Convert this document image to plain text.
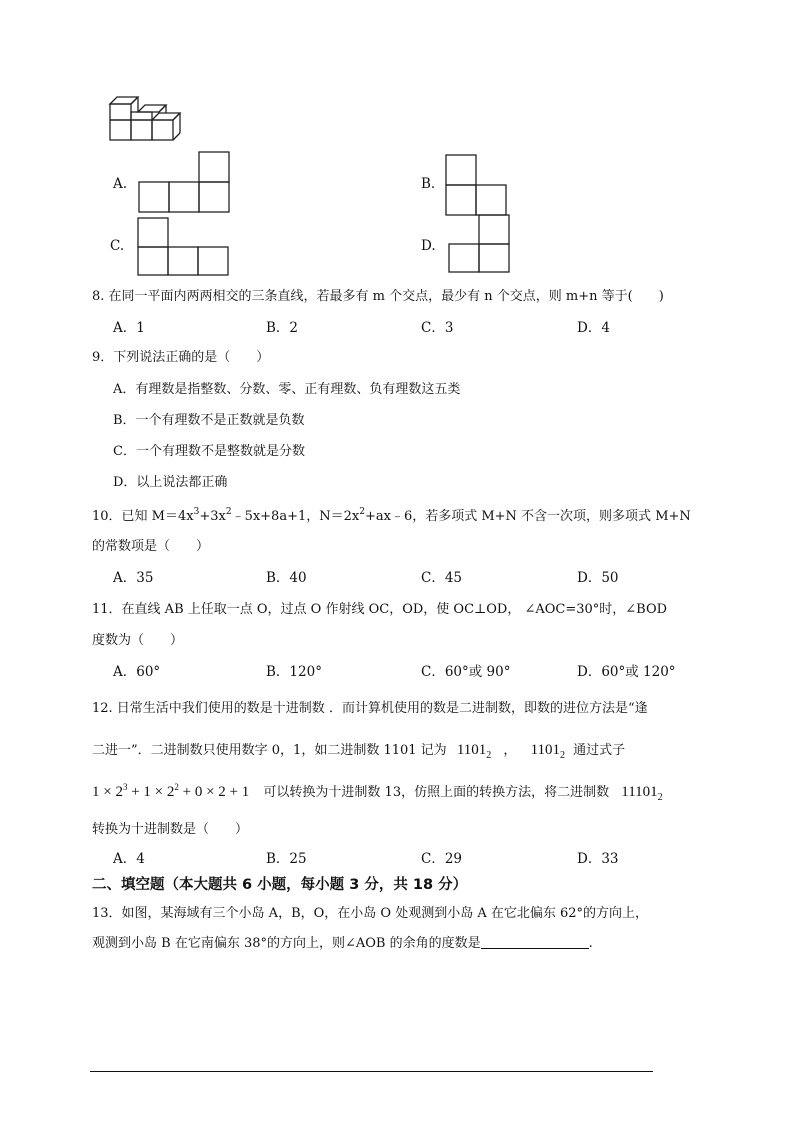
A.	B.
C.	D.
8. 在同一平面内两两相交的三条直线，若最多有 m 个交点，最少有 n 个交点，则 m+n 等于(　　)
A．1	B．2	C．3	D．4
9．下列说法正确的是（　　）
A．有理数是指整数、分数、零、正有理数、负有理数这五类
B．一个有理数不是正数就是负数
C．一个有理数不是整数就是分数
D．以上说法都正确
10．已知 $M=4x^3+3x^2﹣5x+8a+1$，$N=2x^2+ax﹣6$，若多项式 M+N 不含一次项，则多项式 M+N
的常数项是（　　）
A．35	B．40	C．45	D．50
11．在直线 AB 上任取一点 O，过点 O 作射线 OC，OD，使 OC⊥OD， ∠AOC=30°时，∠BOD
度数为（　　）
A．60°	B．120°	C．60°或 90°	D．60°或 120°
12. 日常生活中我们使用的数是十进制数 ．而计算机使用的数是二进制数，即数的进位方法是“逢
二进一”．二进制数只使用数字 0，1，如二进制数 1101 记为 $1101_2$ ， $1101_2$ 通过式子
$1 \times 2^3 + 1 \times 2^2 + 0 \times 2 + 1$ 可以转换为十进制数 13，仿照上面的转换方法，将二进制数 $11101_2$
转换为十进制数是（　　）
A．4	B．25	C．29	D．33
二、填空题（本大题共 6 小题，每小题 3 分，共 18 分）
13．如图，某海域有三个小岛 A，B，O，在小岛 O 处观测到小岛 A 在它北偏东 62°的方向上，
观测到小岛 B 在它南偏东 38°的方向上，则∠AOB 的余角的度数是	.
